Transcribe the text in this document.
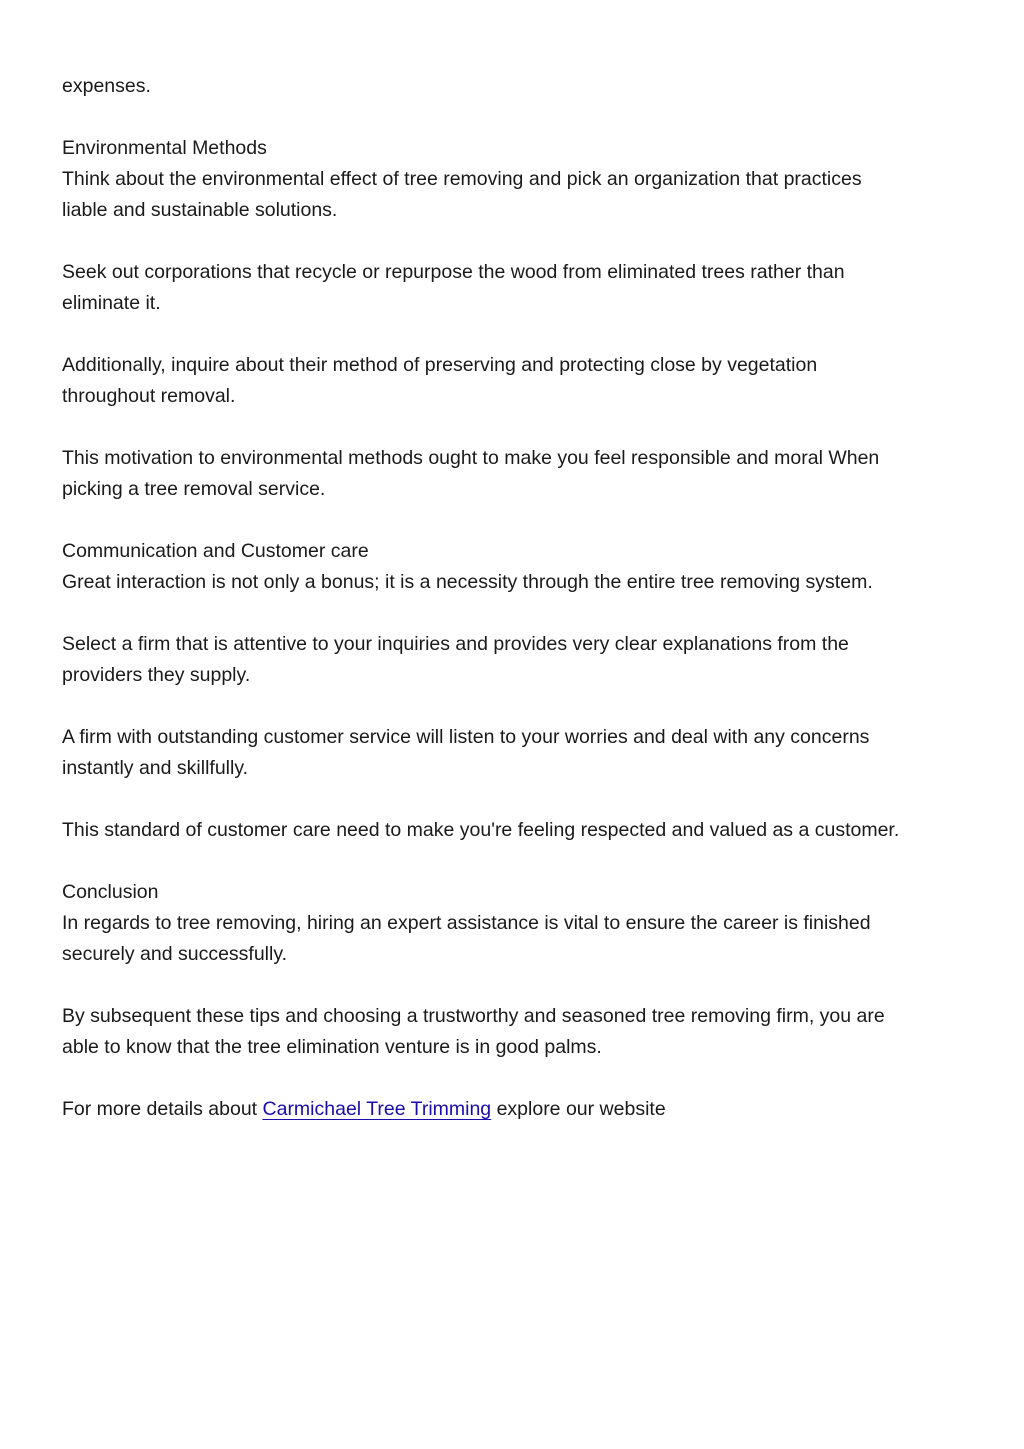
expenses.

Environmental Methods
Think about the environmental effect of tree removing and pick an organization that practices
liable and sustainable solutions.

Seek out corporations that recycle or repurpose the wood from eliminated trees rather than
eliminate it.

Additionally, inquire about their method of preserving and protecting close by vegetation
throughout removal.

This motivation to environmental methods ought to make you feel responsible and moral When
picking a tree removal service.

Communication and Customer care
Great interaction is not only a bonus; it is a necessity through the entire tree removing system.

Select a firm that is attentive to your inquiries and provides very clear explanations from the
providers they supply.

A firm with outstanding customer service will listen to your worries and deal with any concerns
instantly and skillfully.

This standard of customer care need to make you're feeling respected and valued as a customer.

Conclusion
In regards to tree removing, hiring an expert assistance is vital to ensure the career is finished
securely and successfully.

By subsequent these tips and choosing a trustworthy and seasoned tree removing firm, you are
able to know that the tree elimination venture is in good palms.

For more details about Carmichael Tree Trimming explore our website
